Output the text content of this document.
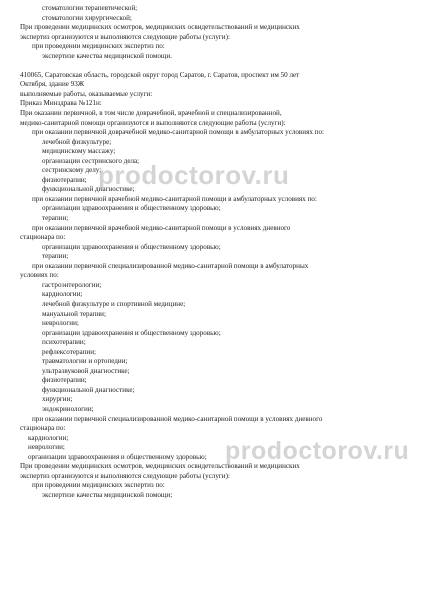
стоматологии терапевтической;
стоматологии хирургической;
При проведении медицинских осмотров, медицинских освидетельствований и медицинских
экспертиз организуются и выполняются следующие работы (услуги):
при проведении медицинских экспертиз по:
экспертизе качества медицинской помощи.
410065, Саратовская область, городской округ город Саратов, г. Саратов, проспект им 50 лет
Октября, здание 93Ж
выполняемые работы, оказываемые услуги:
Приказ Минздрава №121н:
При оказании первичной, в том числе доврачебной, врачебной и специализированной,
медико-санитарной помощи организуются и выполняются следующие работы (услуги):
при оказании первичной доврачебной медико-санитарной помощи в амбулаторных условиях по:
лечебной физкультуре;
медицинскому массажу;
организации сестринского дела;
сестринскому делу;
физиотерапии;
функциональной диагностике;
при оказании первичной врачебной медико-санитарной помощи в амбулаторных условиях по:
организации здравоохранения и общественному здоровью;
терапии;
при оказании первичной врачебной медико-санитарной помощи в условиях дневного
стационара по:
организации здравоохранения и общественному здоровью;
терапии;
при оказании первичной специализированной медико-санитарной помощи в амбулаторных
условиях по:
гастроэнтерологии;
кардиологии;
лечебной физкультуре и спортивной медицине;
мануальной терапии;
неврологии;
организации здравоохранения и общественному здоровью;
психотерапии;
рефлексотерапии;
травматологии и ортопедии;
ультразвуковой диагностике;
физиотерапии;
функциональной диагностике;
хирургии;
эндокринологии;
при оказании первичной специализированной медико-санитарной помощи в условиях дневного
стационара по:
кардиологии;
неврологии;
организации здравоохранения и общественному здоровью;
При проведении медицинских осмотров, медицинских освидетельствований и медицинских
экспертиз организуются и выполняются следующие работы (услуги):
при проведении медицинских экспертиз по:
экспертизе качества медицинской помощи;
prodoctorov.ru
prodoctorov.ru
